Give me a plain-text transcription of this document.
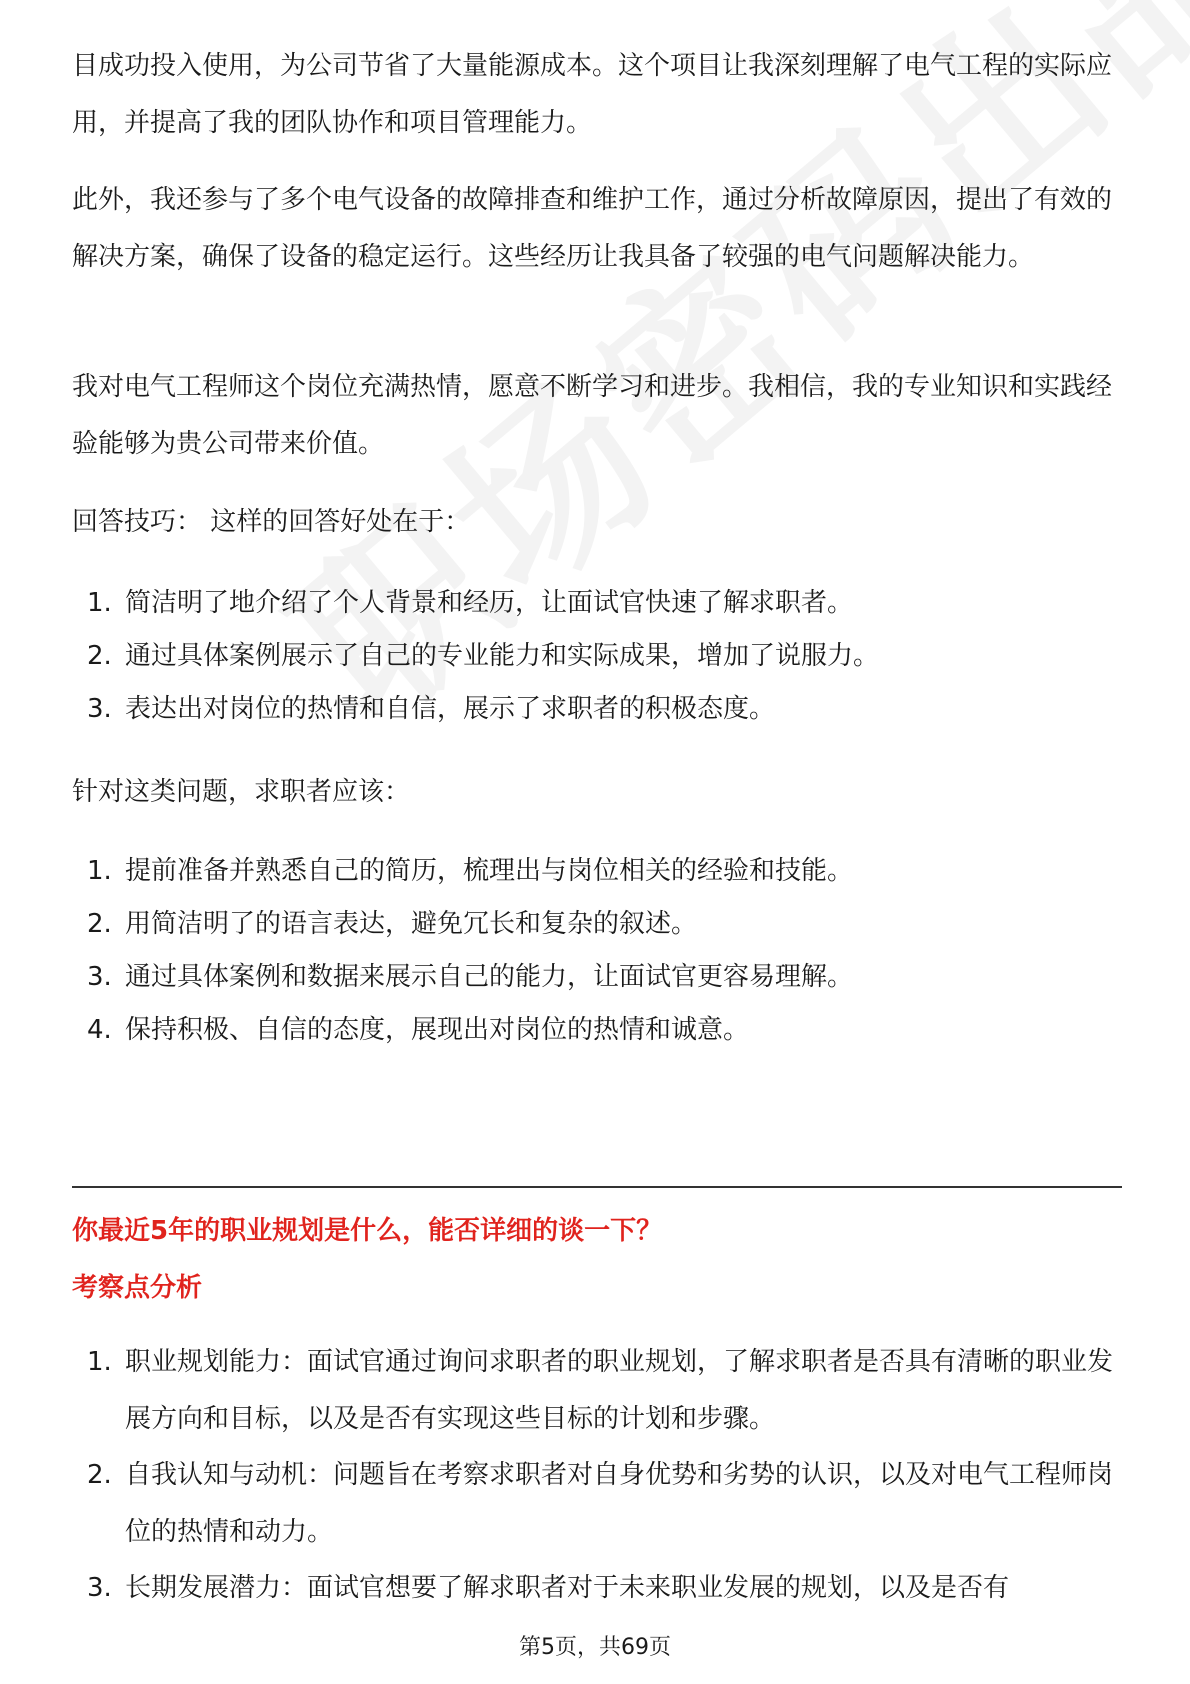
目成功投入使用，为公司节省了大量能源成本。这个项目让我深刻理解了电气工程的实际应用，并提高了我的团队协作和项目管理能力。

此外，我还参与了多个电气设备的故障排查和维护工作，通过分析故障原因，提出了有效的解决方案，确保了设备的稳定运行。这些经历让我具备了较强的电气问题解决能力。

我对电气工程师这个岗位充满热情，愿意不断学习和进步。我相信，我的专业知识和实践经验能够为贵公司带来价值。

回答技巧： 这样的回答好处在于：

1. 简洁明了地介绍了个人背景和经历，让面试官快速了解求职者。
2. 通过具体案例展示了自己的专业能力和实际成果，增加了说服力。
3. 表达出对岗位的热情和自信，展示了求职者的积极态度。

针对这类问题，求职者应该：

1. 提前准备并熟悉自己的简历，梳理出与岗位相关的经验和技能。
2. 用简洁明了的语言表达，避免冗长和复杂的叙述。
3. 通过具体案例和数据来展示自己的能力，让面试官更容易理解。
4. 保持积极、自信的态度，展现出对岗位的热情和诚意。

你最近5年的职业规划是什么，能否详细的谈一下？

考察点分析

1. 职业规划能力：面试官通过询问求职者的职业规划，了解求职者是否具有清晰的职业发展方向和目标，以及是否有实现这些目标的计划和步骤。
2. 自我认知与动机：问题旨在考察求职者对自身优势和劣势的认识，以及对电气工程师岗位的热情和动力。
3. 长期发展潜力：面试官想要了解求职者对于未来职业发展的规划，以及是否有
第5页，共69页
